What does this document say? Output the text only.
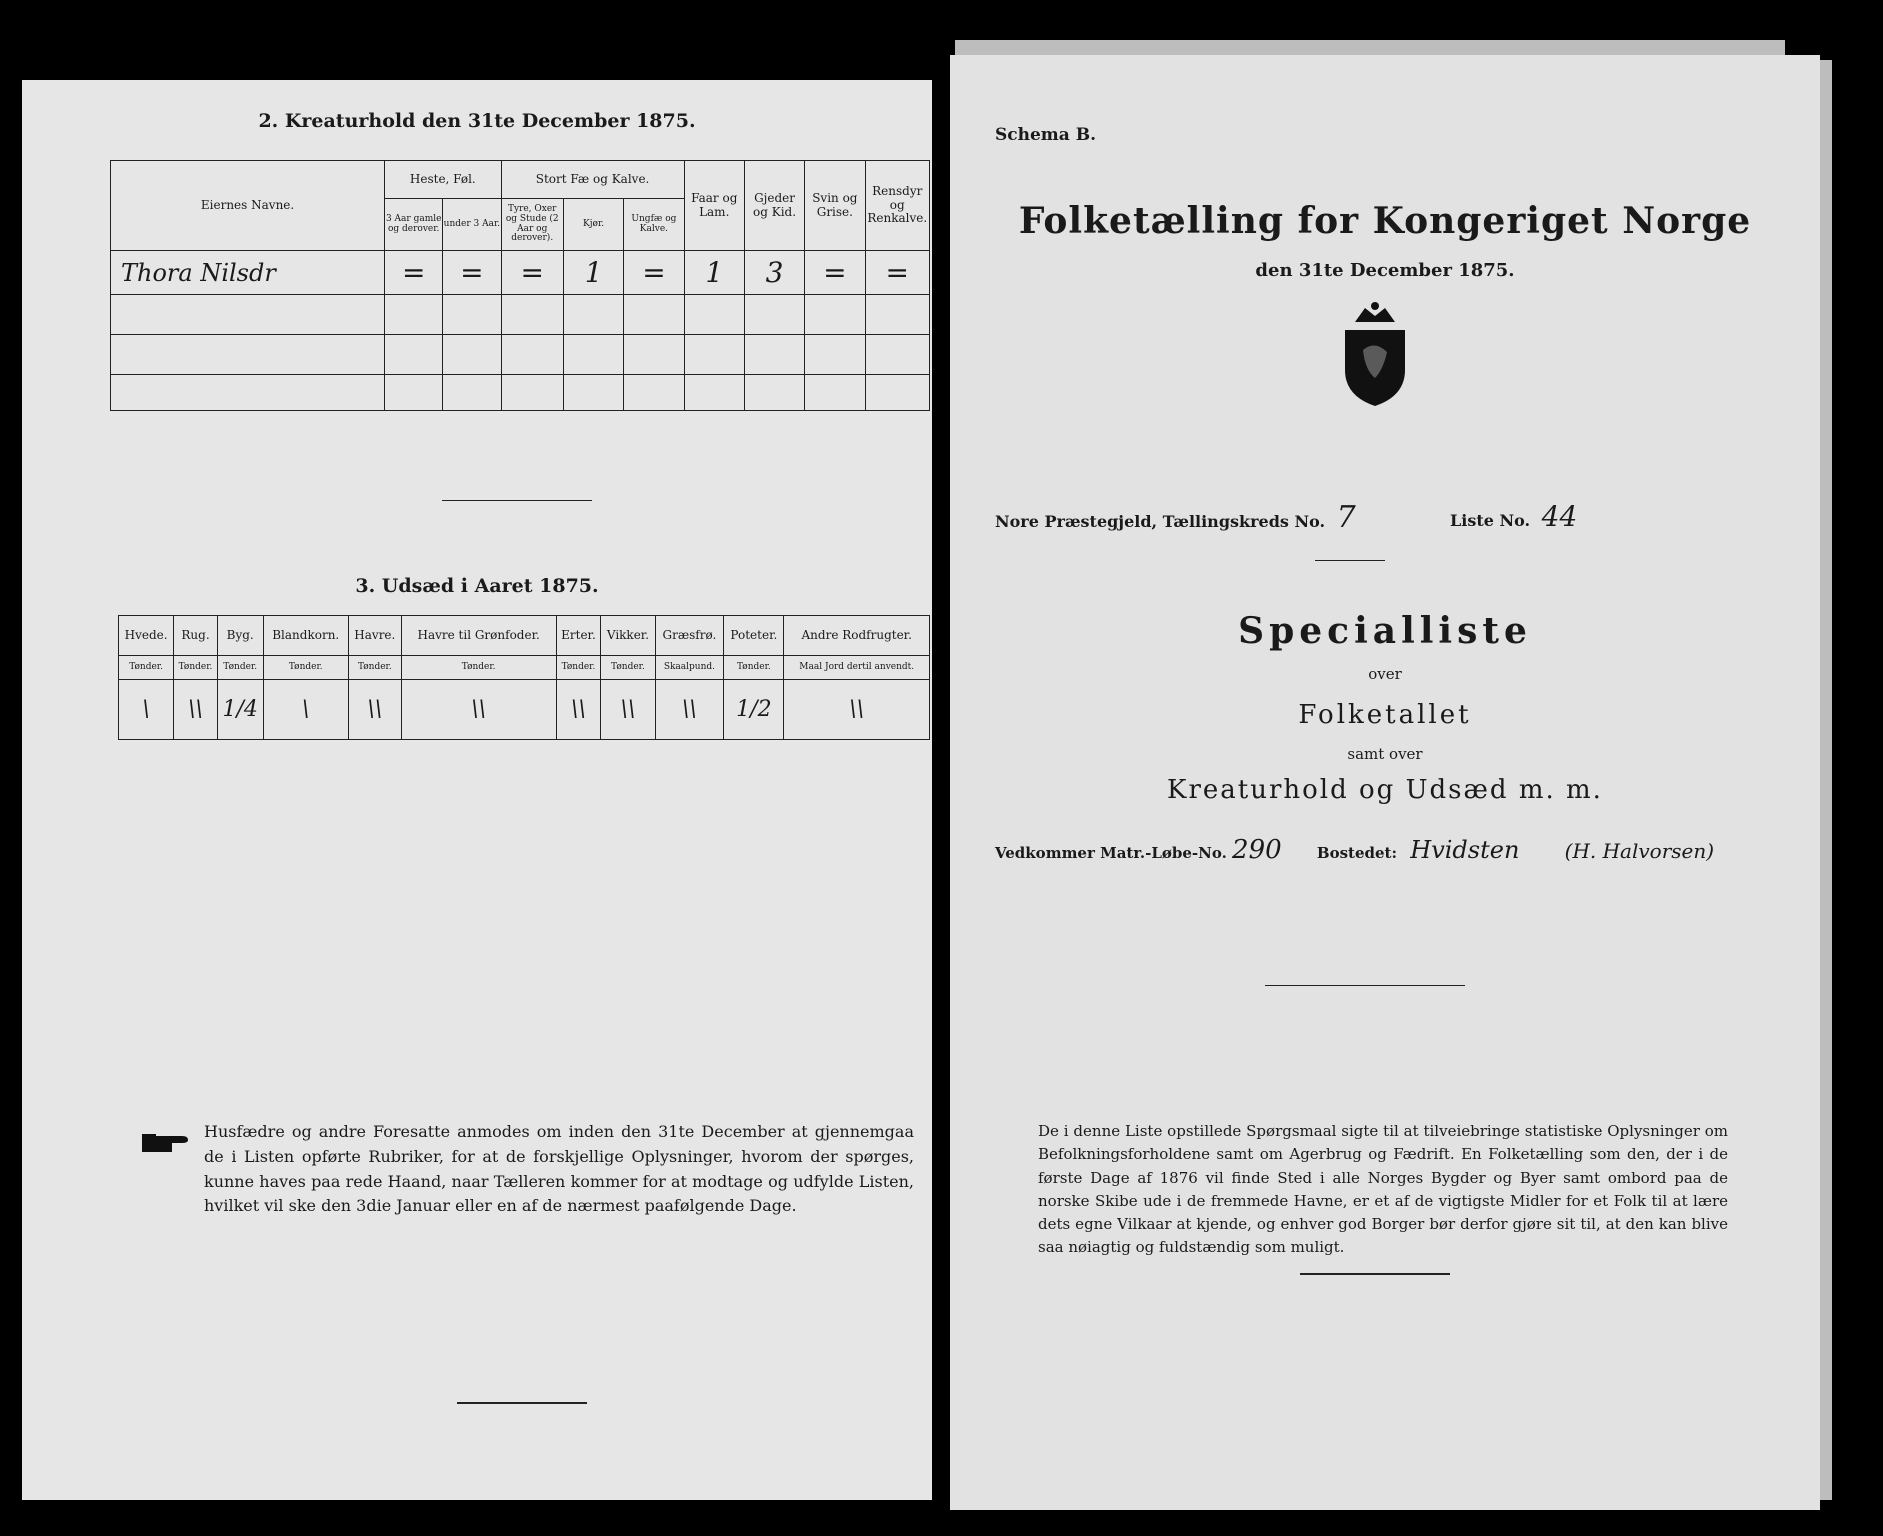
2. Kreaturhold den 31te December 1875.
Eiernes Navne.	Heste, Føl.		Stort Fæ og Kalve.			Faar og Lam.	Gjeder og Kid.	Svin og Grise.	Rensdyr og Renkalve.
	3 Aar gamle og derover.	under 3 Aar.	Tyre, Oxer og Stude (2 Aar og derover).	Kjør.	Ungfæ og Kalve.				
Thora Nilsdr	=	=	=	1	=	1	3	=	=

3. Udsæd i Aaret 1875.
Hvede.	Rug.	Byg.	Blandkorn.	Havre.	Havre til Grønfoder.	Erter.	Vikker.	Græsfrø.	Poteter.	Andre Rodfrugter.
Tønder.	Tønder.	Tønder.	Tønder.	Tønder.	Tønder.	Tønder.	Tønder.	Skaalpund.	Tønder.	Maal Jord dertil anvendt.
\	\\	1/4	\	\\	\\	\\	\\	\\	1/2	\\
Husfædre og andre Foresatte anmodes om inden den 31te December at gjennemgaa de i Listen opførte Rubriker, for at de forskjellige Oplysninger, hvorom der spørges, kunne haves paa rede Haand, naar Tælleren kommer for at modtage og udfylde Listen, hvilket vil ske den 3die Januar eller en af de nærmest paafølgende Dage.
Schema B.
Folketælling for Kongeriget Norge
den 31te December 1875.
Nore Præstegjeld, Tællingskreds No. 7	Liste No. 44
Specialliste
over
Folketallet
samt over
Kreaturhold og Udsæd m. m.
Vedkommer Matr.-Løbe-No. 290 Bostedet: Hvidsten (H. Halvorsen)
De i denne Liste opstillede Spørgsmaal sigte til at tilveiebringe statistiske Oplysninger om Befolkningsforholdene samt om Agerbrug og Fædrift. En Folketælling som den, der i de første Dage af 1876 vil finde Sted i alle Norges Bygder og Byer samt ombord paa de norske Skibe ude i de fremmede Havne, er et af de vigtigste Midler for et Folk til at lære dets egne Vilkaar at kjende, og enhver god Borger bør derfor gjøre sit til, at den kan blive saa nøiagtig og fuldstændig som muligt.
